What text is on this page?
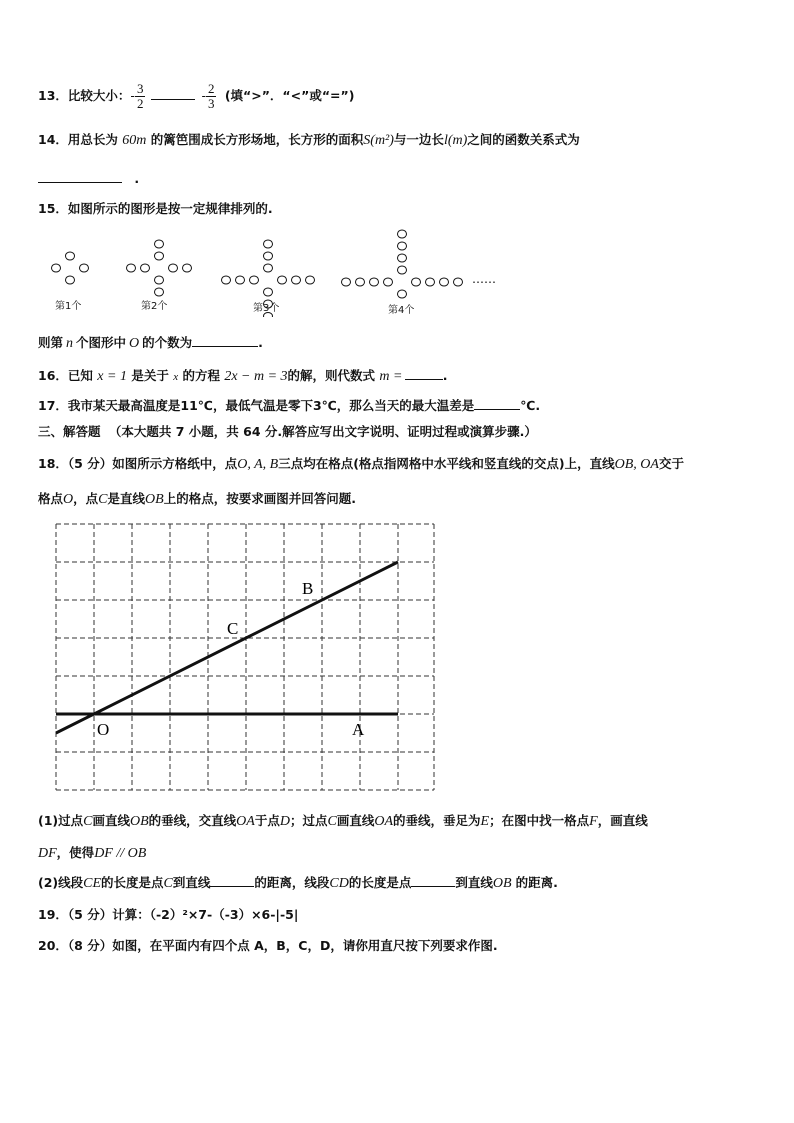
13．比较大小：- $\frac{3}{2}$	- $\frac{2}{3}$ (填“>”．“<”或“=”)
14．用总长为 60m 的篱笆围成长方形场地，长方形的面积S(m²)与一边长l(m)之间的函数关系式为
.
15．如图所示的图形是按一定规律排列的.
第1个	第2个	第3个	第4个
……
则第 n 个图形中 O 的个数为	.
16．已知 x = 1 是关于 x 的方程 2x − m = 3的解，则代数式 m =	.
17．我市某天最高温度是11℃，最低气温是零下3℃，那么当天的最大温差是	℃.
三、解答题 （本大题共 7 小题，共 64 分.解答应写出文字说明、证明过程或演算步骤.）
18．（5 分）如图所示方格纸中，点O, A, B三点均在格点(格点指网格中水平线和竖直线的交点)上，直线OB, OA交于
格点O，点C是直线OB上的格点，按要求画图并回答问题.
B
C
O	A
(1)过点C画直线OB的垂线，交直线OA于点D；过点C画直线OA的垂线，垂足为E；在图中找一格点F，画直线
DF，使得DF // OB
(2)线段CE的长度是点C到直线	的距离，线段CD的长度是点	到直线OB 的距离.
19．（5 分）计算：（-2）²×7-（-3）×6-|-5|
20．（8 分）如图，在平面内有四个点 A，B，C，D，请你用直尺按下列要求作图.
